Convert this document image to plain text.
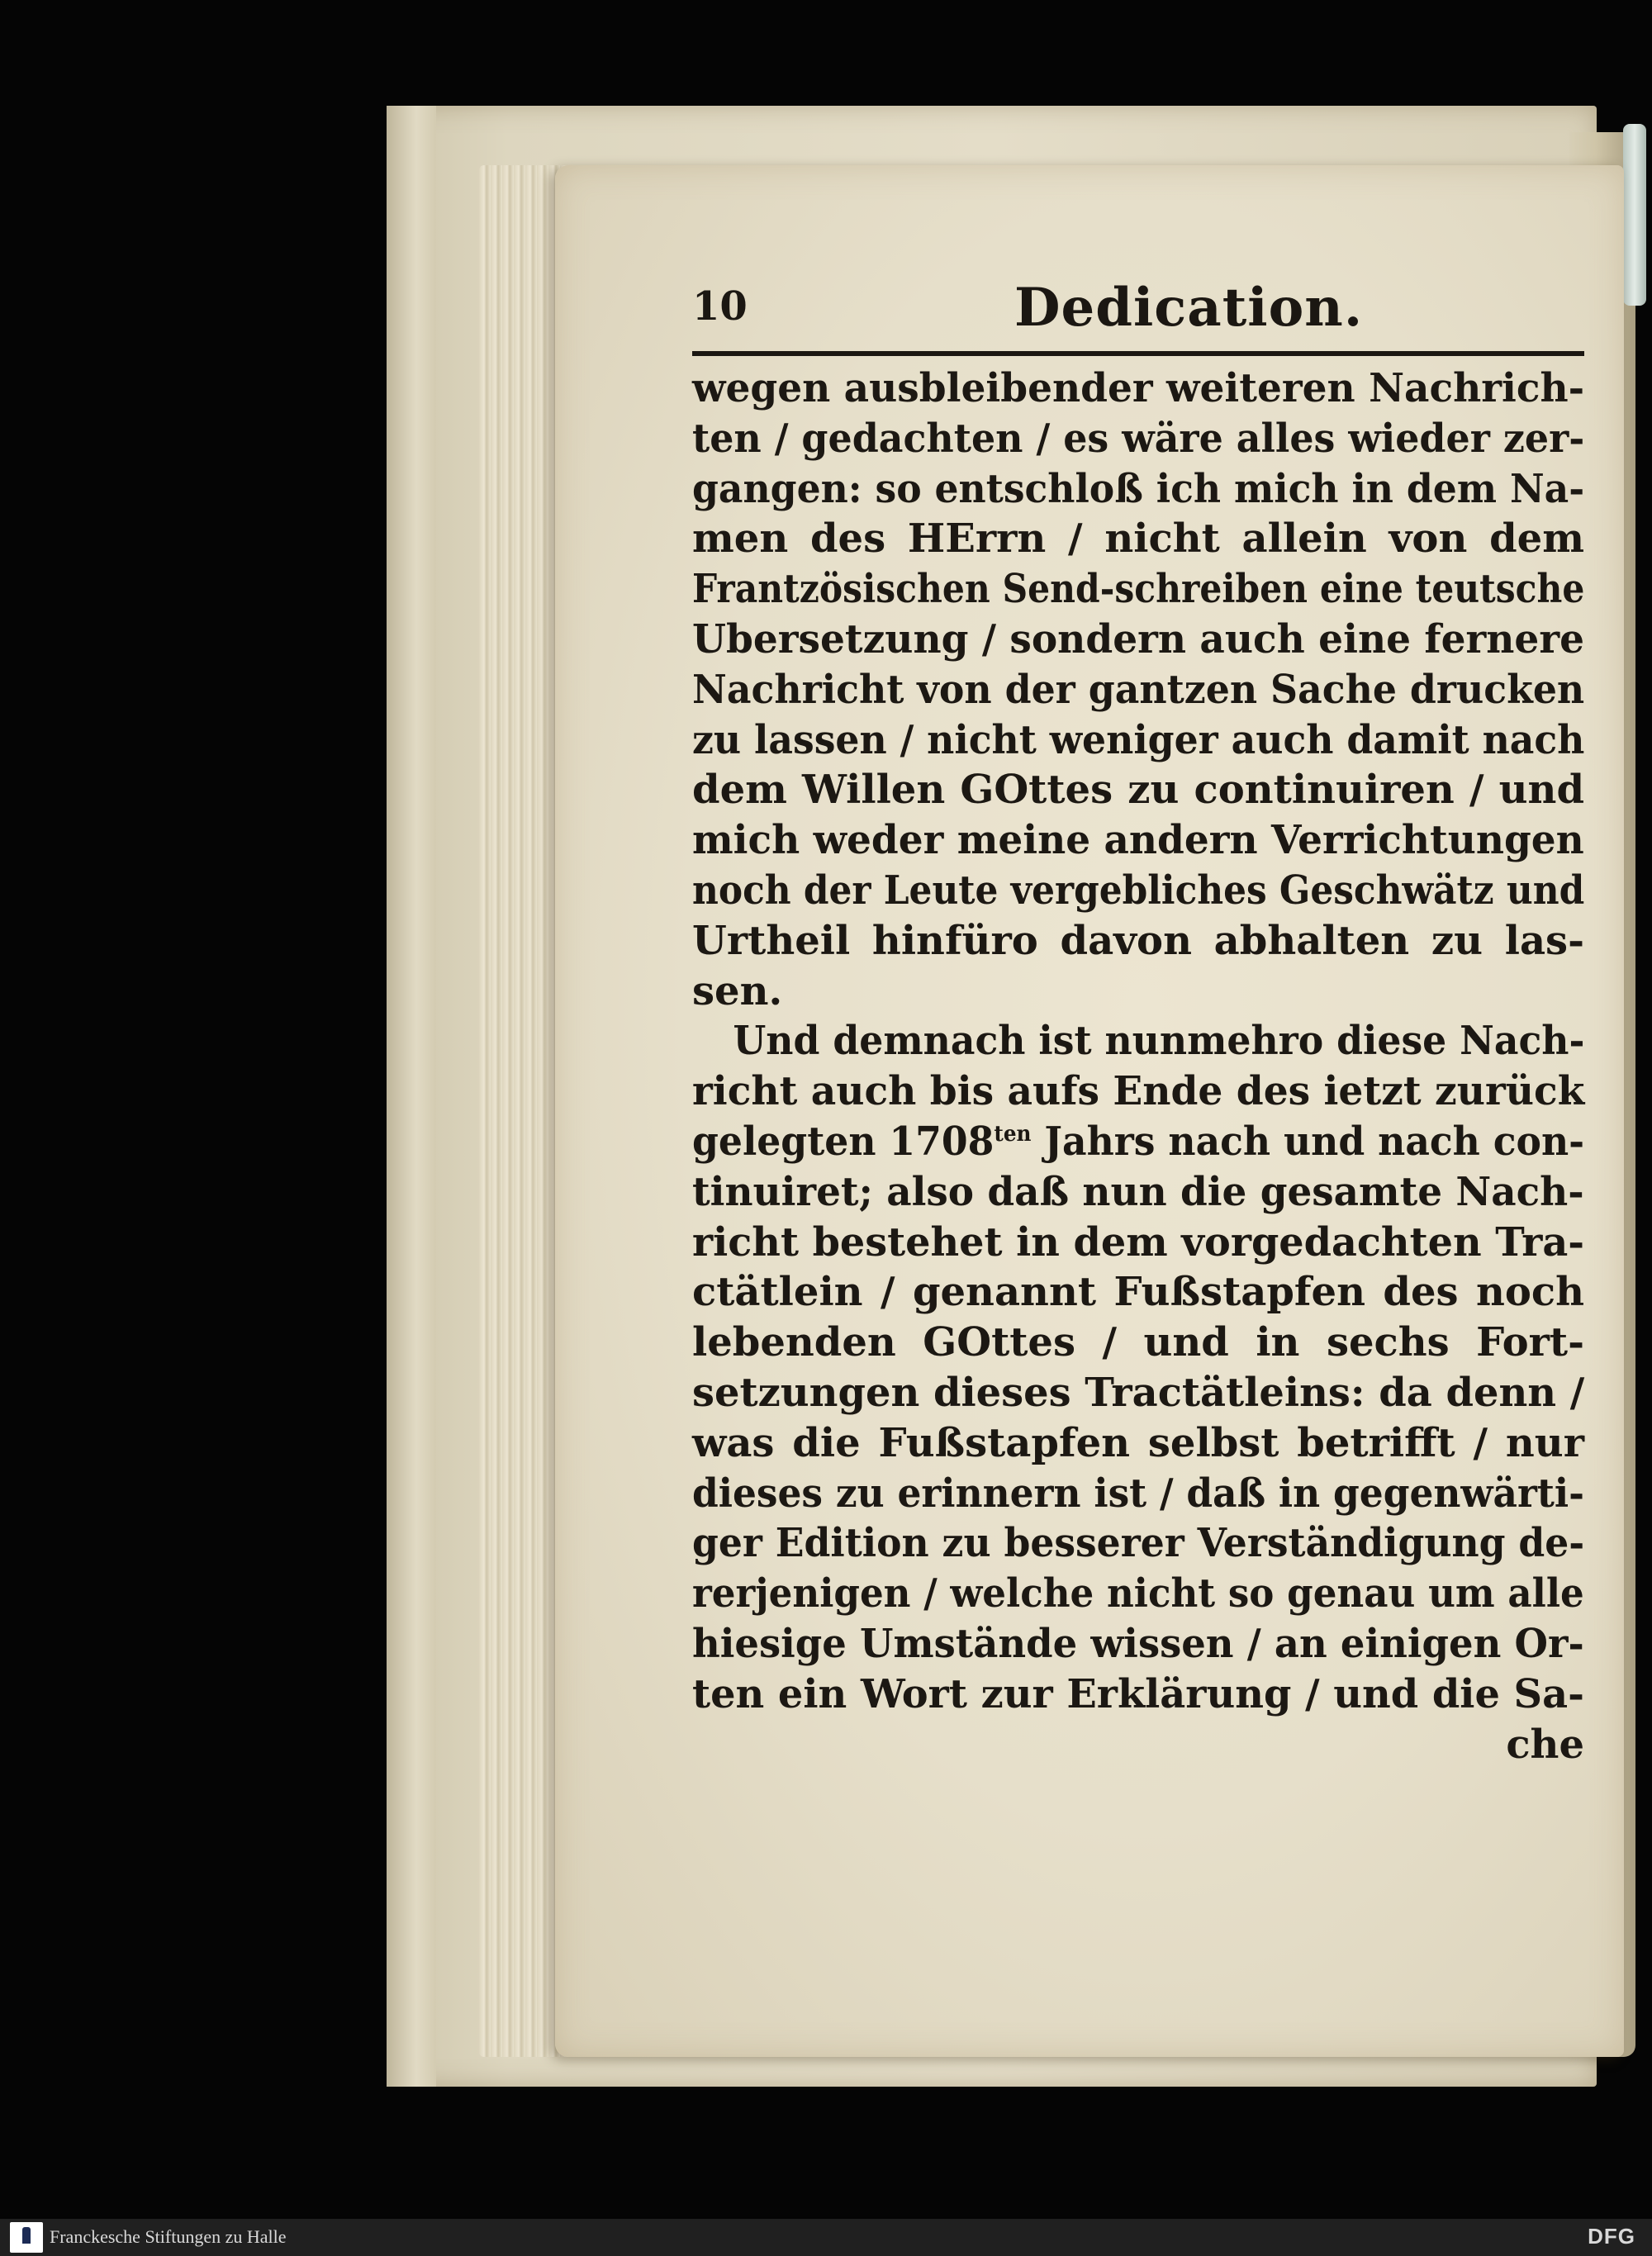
10	Dedication.
wegen ausbleibender weiteren Nachrich-
ten / gedachten / es wäre alles wieder zer-
gangen: so entschloß ich mich in dem Na-
men des HErrn / nicht allein von dem
Frantzösischen Send-schreiben eine teutsche
Ubersetzung / sondern auch eine fernere
Nachricht von der gantzen Sache drucken
zu lassen / nicht weniger auch damit nach
dem Willen GOttes zu continuiren / und
mich weder meine andern Verrichtungen
noch der Leute vergebliches Geschwätz und
Urtheil hinfüro davon abhalten zu las-
sen.
Und demnach ist nunmehro diese Nach-
richt auch bis aufs Ende des ietzt zurück
gelegten $1708^{ten}$ Jahrs nach und nach con-
tinuiret; also daß nun die gesamte Nach-
richt bestehet in dem vorgedachten Tra-
ctätlein / genannt Fußstapfen des noch
lebenden GOttes / und in sechs Fort-
setzungen dieses Tractätleins: da denn /
was die Fußstapfen selbst betrifft / nur
dieses zu erinnern ist / daß in gegenwärti-
ger Edition zu besserer Verständigung de-
rerjenigen / welche nicht so genau um alle
hiesige Umstände wissen / an einigen Or-
ten ein Wort zur Erklärung / und die Sa-
che
Franckesche Stiftungen zu Halle	DFG
